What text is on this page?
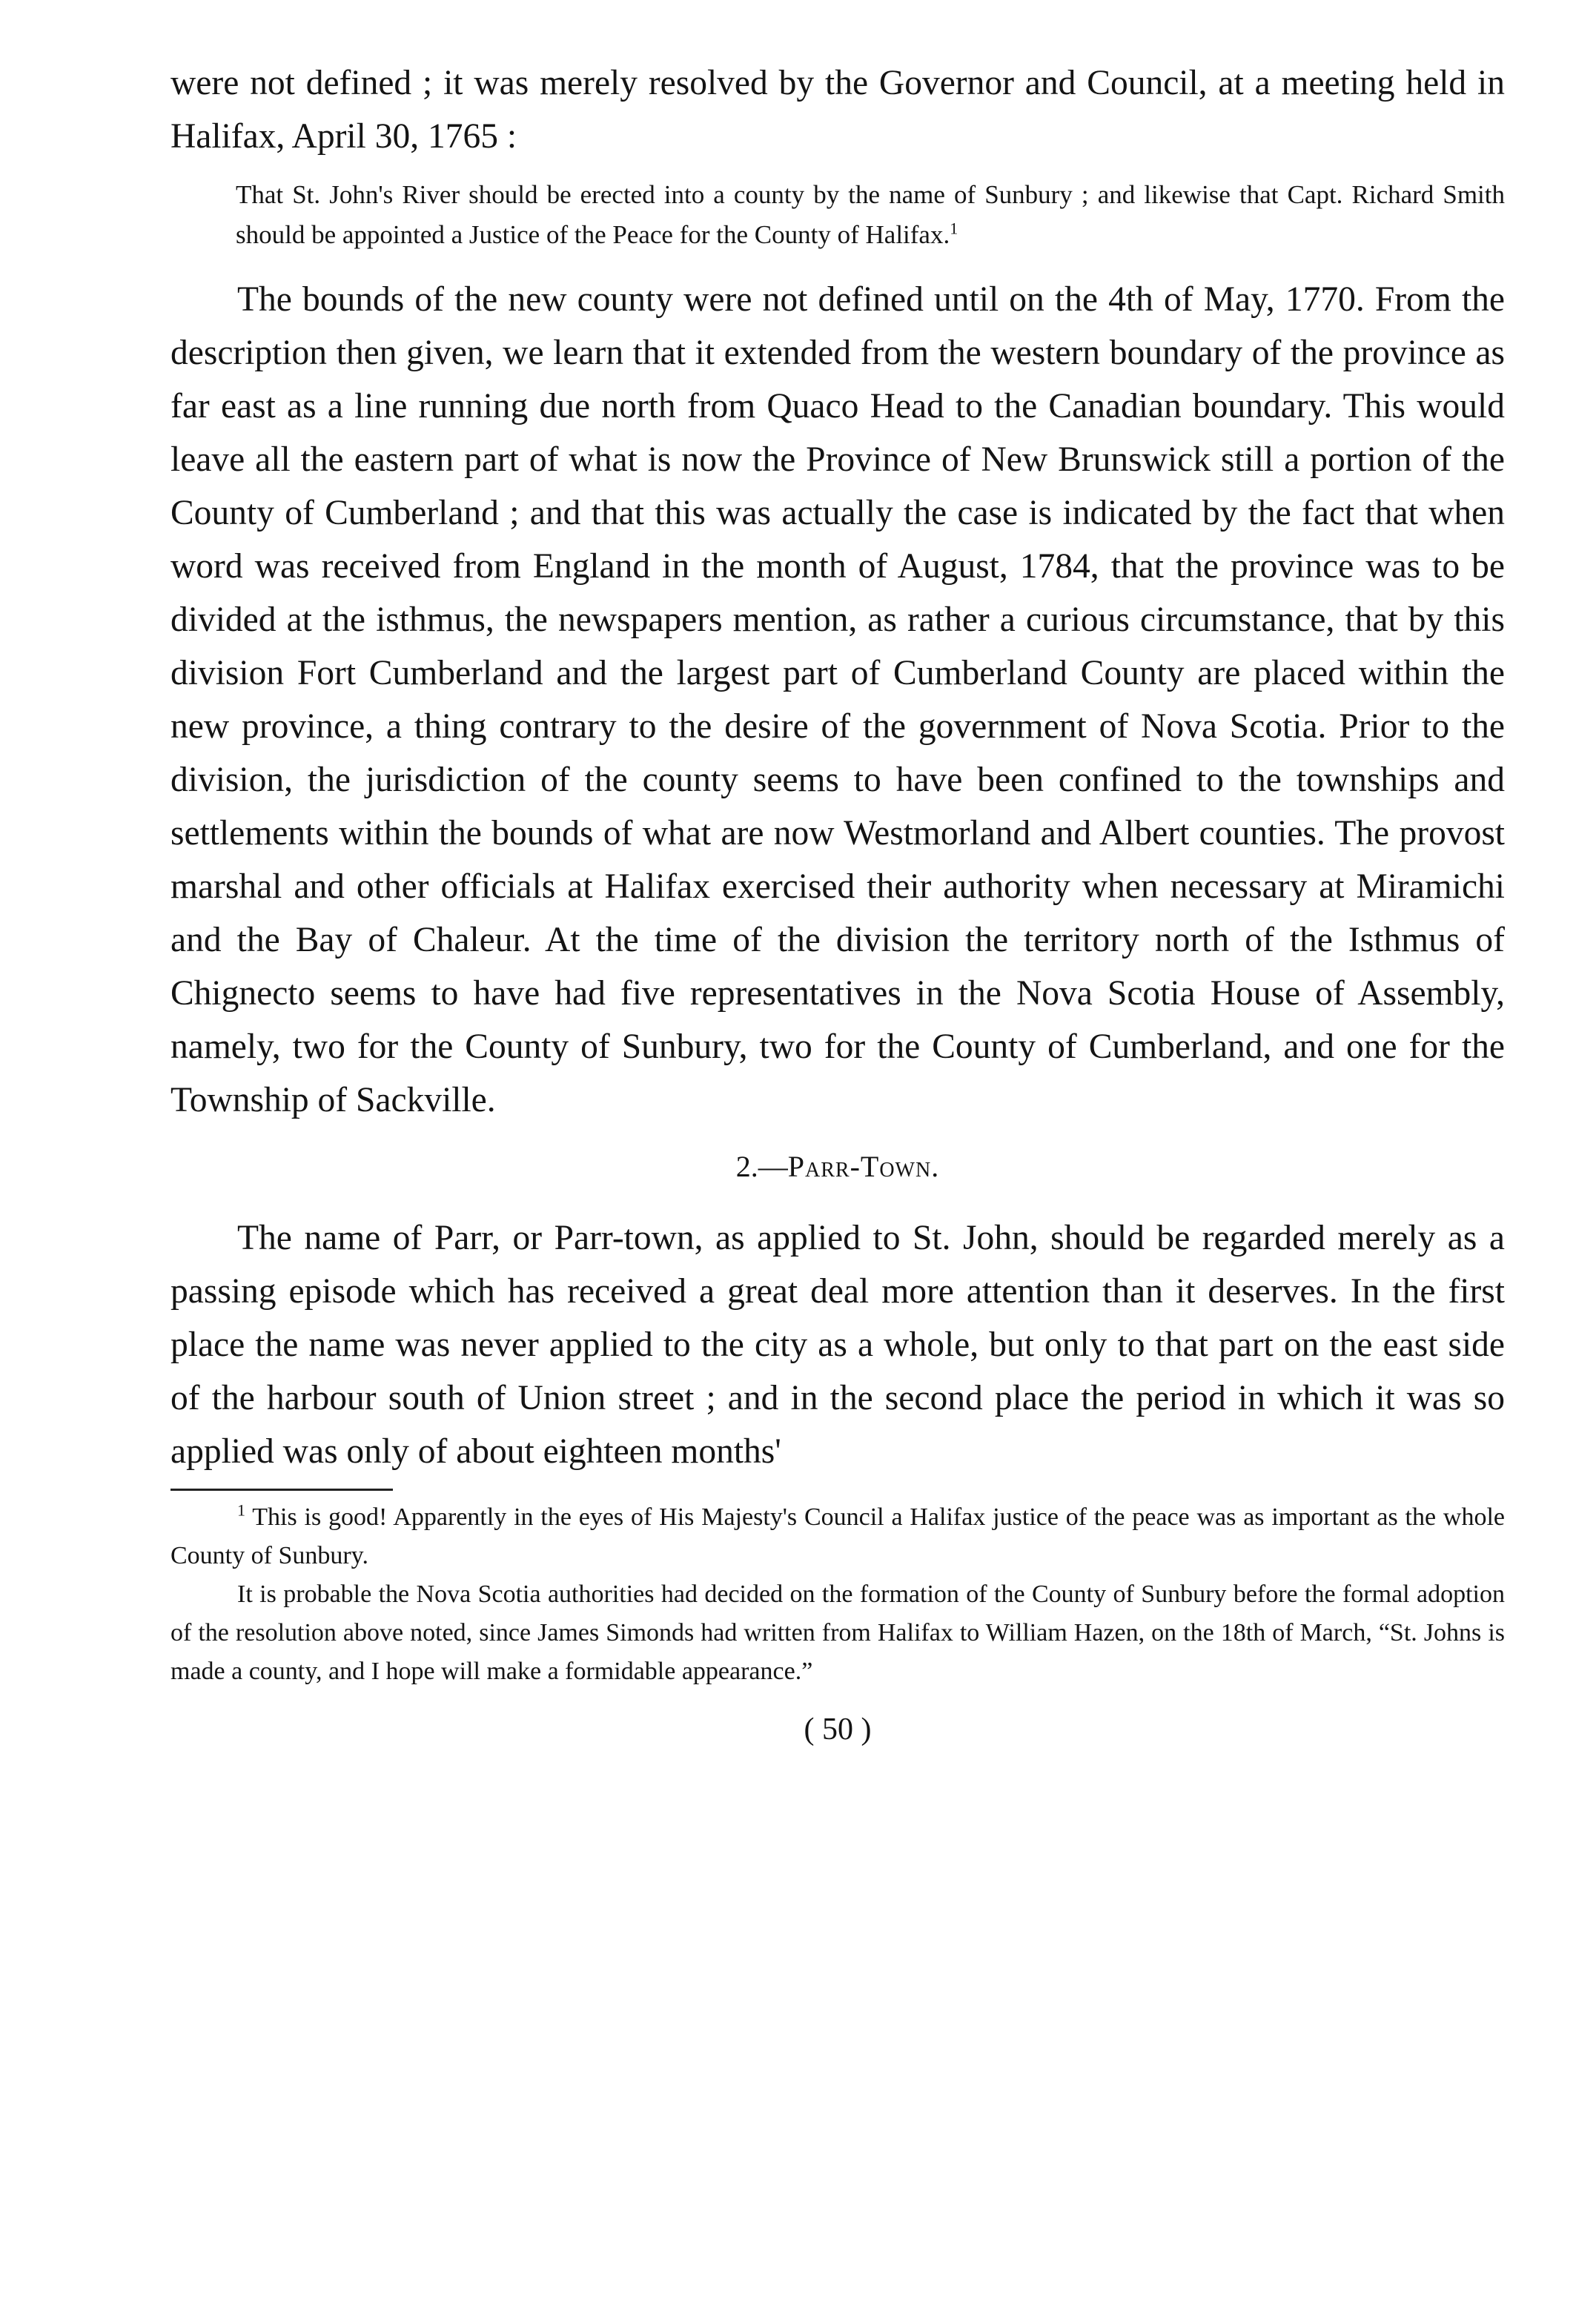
were not defined ; it was merely resolved by the Governor and Council, at a meeting held in Halifax, April 30, 1765 :

That St. John's River should be erected into a county by the name of Sunbury ; and likewise that Capt. Richard Smith should be appointed a Justice of the Peace for the County of Halifax.$^1$

The bounds of the new county were not defined until on the 4th of May, 1770. From the description then given, we learn that it extended from the western boundary of the province as far east as a line running due north from Quaco Head to the Canadian boundary. This would leave all the eastern part of what is now the Province of New Brunswick still a portion of the County of Cumberland ; and that this was actually the case is indicated by the fact that when word was received from England in the month of August, 1784, that the province was to be divided at the isthmus, the newspapers mention, as rather a curious circumstance, that by this division Fort Cumberland and the largest part of Cumberland County are placed within the new province, a thing contrary to the desire of the government of Nova Scotia. Prior to the division, the jurisdiction of the county seems to have been confined to the townships and settlements within the bounds of what are now Westmorland and Albert counties. The provost marshal and other officials at Halifax exercised their authority when necessary at Miramichi and the Bay of Chaleur. At the time of the division the territory north of the Isthmus of Chignecto seems to have had five representatives in the Nova Scotia House of Assembly, namely, two for the County of Sunbury, two for the County of Cumberland, and one for the Township of Sackville.

2.—Parr-Town.

The name of Parr, or Parr-town, as applied to St. John, should be regarded merely as a passing episode which has received a great deal more attention than it deserves. In the first place the name was never applied to the city as a whole, but only to that part on the east side of the harbour south of Union street ; and in the second place the period in which it was so applied was only of about eighteen months'

$^1$ This is good! Apparently in the eyes of His Majesty's Council a Halifax justice of the peace was as important as the whole County of Sunbury.

It is probable the Nova Scotia authorities had decided on the formation of the County of Sunbury before the formal adoption of the resolution above noted, since James Simonds had written from Halifax to William Hazen, on the 18th of March, “St. Johns is made a county, and I hope will make a formidable appearance.”

( 50 )
